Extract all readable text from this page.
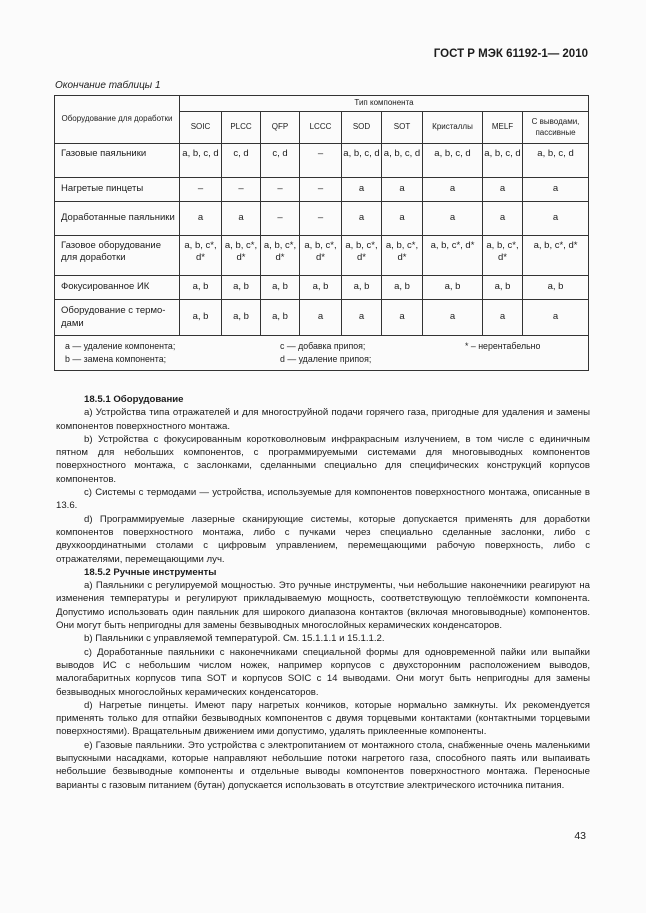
ГОСТ Р МЭК 61192-1— 2010
Окончание таблицы 1
Оборудование для доработки	Тип компонента								
	SOIC	PLCC	QFP	LCCC	SOD	SOT	Кристаллы	MELF	С выводами, пассивные
Газовые паяльники	a, b, c, d	c, d	c, d	–	a, b, c, d	a, b, c, d	a, b, c, d	a, b, c, d	a, b, c, d
Нагретые пинцеты	–	–	–	–	a	a	a	a	a
Доработанные паяльники	a	a	–	–	a	a	a	a	a
Газовое оборудование для доработки	a, b, c*, d*	a, b, c*, d*	a, b, c*, d*	a, b, c*, d*	a, b, c*, d*	a, b, c*, d*	a, b, c*, d*	a, b, c*, d*	a, b, c*, d*
Фокусированное ИК	a, b	a, b	a, b	a, b	a, b	a, b	a, b	a, b	a, b
Оборудование с термо-дами	a, b	a, b	a, b	a	a	a	a	a	a

a — удаление компонента; c — добавка припоя; * – нерентабельно
b — замена компонента; d — удаление припоя;									

18.5.1 Оборудование

a) Устройства типа отражателей и для многоструйной подачи горячего газа, пригодные для удаления и замены компонентов поверхностного монтажа.

b) Устройства с фокусированным коротковолновым инфракрасным излучением, в том числе с единичным пятном для небольших компонентов, с программируемыми системами для многовыводных компонентов поверхностного монтажа, с заслонками, сделанными специально для специфических конструкций корпусов компонентов.

c) Системы с термодами — устройства, используемые для компонентов поверхностного монтажа, описанные в 13.6.

d) Программируемые лазерные сканирующие системы, которые допускается применять для доработки компонентов поверхностного монтажа, либо с пучками через специально сделанные заслонки, либо с двухкоординатными столами с цифровым управлением, перемещающими рабочую поверхность, либо с отражателями, перемещающими луч.

18.5.2 Ручные инструменты

a) Паяльники с регулируемой мощностью. Это ручные инструменты, чьи небольшие наконечники реагируют на изменения температуры и регулируют прикладываемую мощность, соответствующую теплоёмкости компонента. Допустимо использовать один паяльник для широкого диапазона контактов (включая многовыводные) компонентов. Они могут быть непригодны для замены безвыводных многослойных керамических конденсаторов.

b) Паяльники с управляемой температурой. См. 15.1.1.1 и 15.1.1.2.

c) Доработанные паяльники с наконечниками специальной формы для одновременной пайки или выпайки выводов ИС с небольшим числом ножек, например корпусов с двухсторонним расположением выводов, малогабаритных корпусов типа SOT и корпусов SOIC с 14 выводами. Они могут быть непригодны для замены безвыводных многослойных керамических конденсаторов.

d) Нагретые пинцеты. Имеют пару нагретых кончиков, которые нормально замкнуты. Их рекомендуется применять только для отпайки безвыводных компонентов с двумя торцевыми контактами (контактными торцевыми поверхностями). Вращательным движением ими допустимо, удалять приклеенные компоненты.

e) Газовые паяльники. Это устройства с электропитанием от монтажного стола, снабженные очень маленькими выпускными насадками, которые направляют небольшие потоки нагретого газа, способного паять или выпаивать небольшие безвыводные компоненты и отдельные выводы компонентов поверхностного монтажа. Переносные варианты с газовым питанием (бутан) допускается использовать в отсутствие электрического источника питания.

43
